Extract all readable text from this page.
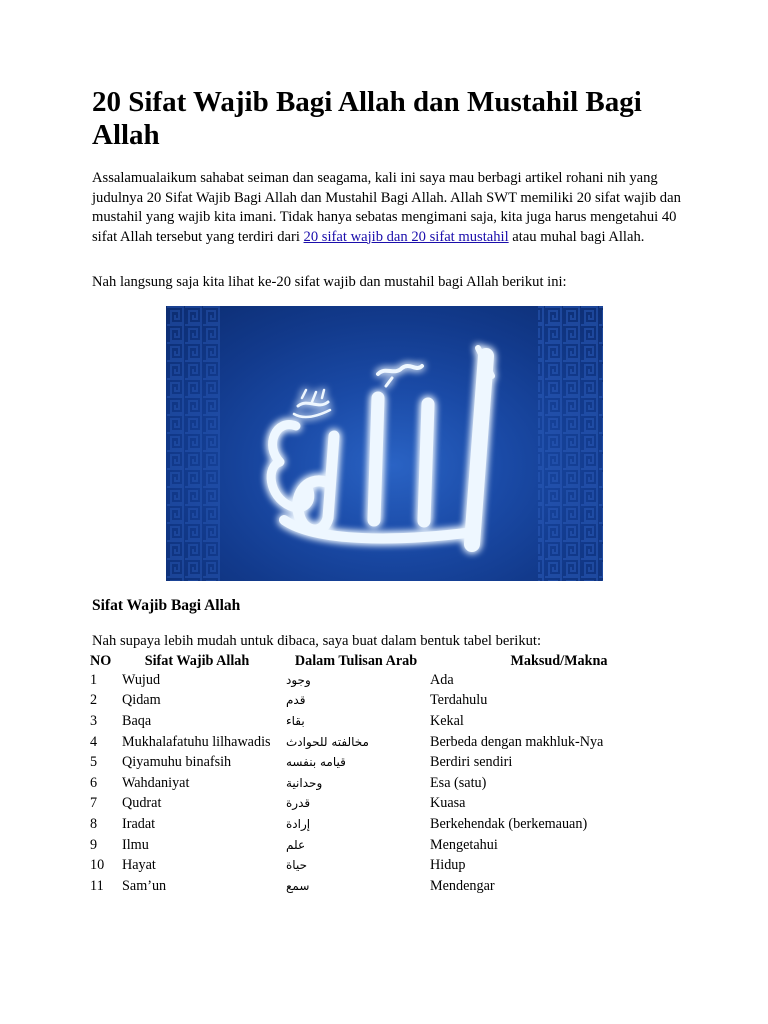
20 Sifat Wajib Bagi Allah dan Mustahil Bagi Allah

Assalamualaikum sahabat seiman dan seagama, kali ini saya mau berbagi artikel rohani nih yang judulnya 20 Sifat Wajib Bagi Allah dan Mustahil Bagi Allah. Allah SWT memiliki 20 sifat wajib dan mustahil yang wajib kita imani. Tidak hanya sebatas mengimani saja, kita juga harus mengetahui 40 sifat Allah tersebut yang terdiri dari 20 sifat wajib dan 20 sifat mustahil atau muhal bagi Allah.

Nah langsung saja kita lihat ke-20 sifat wajib dan mustahil bagi Allah berikut ini:

Sifat Wajib Bagi Allah

Nah supaya lebih mudah untuk dibaca, saya buat dalam bentuk tabel berikut:

NO	Sifat Wajib Allah	Dalam Tulisan Arab	Maksud/Makna
1	Wujud	وجود	Ada
2	Qidam	قدم	Terdahulu
3	Baqa	بقاء	Kekal
4	Mukhalafatuhu lilhawadis	مخالفته للحوادث	Berbeda dengan makhluk-Nya
5	Qiyamuhu binafsih	قيامه بنفسه	Berdiri sendiri
6	Wahdaniyat	وحدانية	Esa (satu)
7	Qudrat	قدرة	Kuasa
8	Iradat	إرادة	Berkehendak (berkemauan)
9	Ilmu	علم	Mengetahui
10	Hayat	حياة	Hidup
11	Sam’un	سمع	Mendengar
